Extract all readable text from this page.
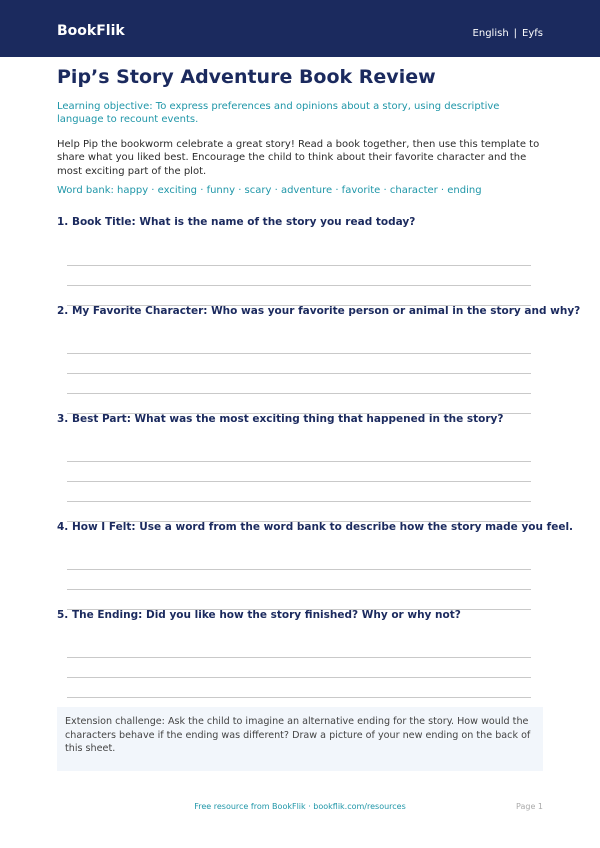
BookFlik	English | Eyfs
Pip’s Story Adventure Book Review
Learning objective: To express preferences and opinions about a story, using descriptive language to recount events.
Help Pip the bookworm celebrate a great story! Read a book together, then use this template to share what you liked best. Encourage the child to think about their favorite character and the most exciting part of the plot.
Word bank: happy · exciting · funny · scary · adventure · favorite · character · ending
1. Book Title: What is the name of the story you read today?
2. My Favorite Character: Who was your favorite person or animal in the story and why?
3. Best Part: What was the most exciting thing that happened in the story?
4. How I Felt: Use a word from the word bank to describe how the story made you feel.
5. The Ending: Did you like how the story finished? Why or why not?
Extension challenge: Ask the child to imagine an alternative ending for the story. How would the characters behave if the ending was different? Draw a picture of your new ending on the back of this sheet.
Free resource from BookFlik · bookflik.com/resources	Page 1
